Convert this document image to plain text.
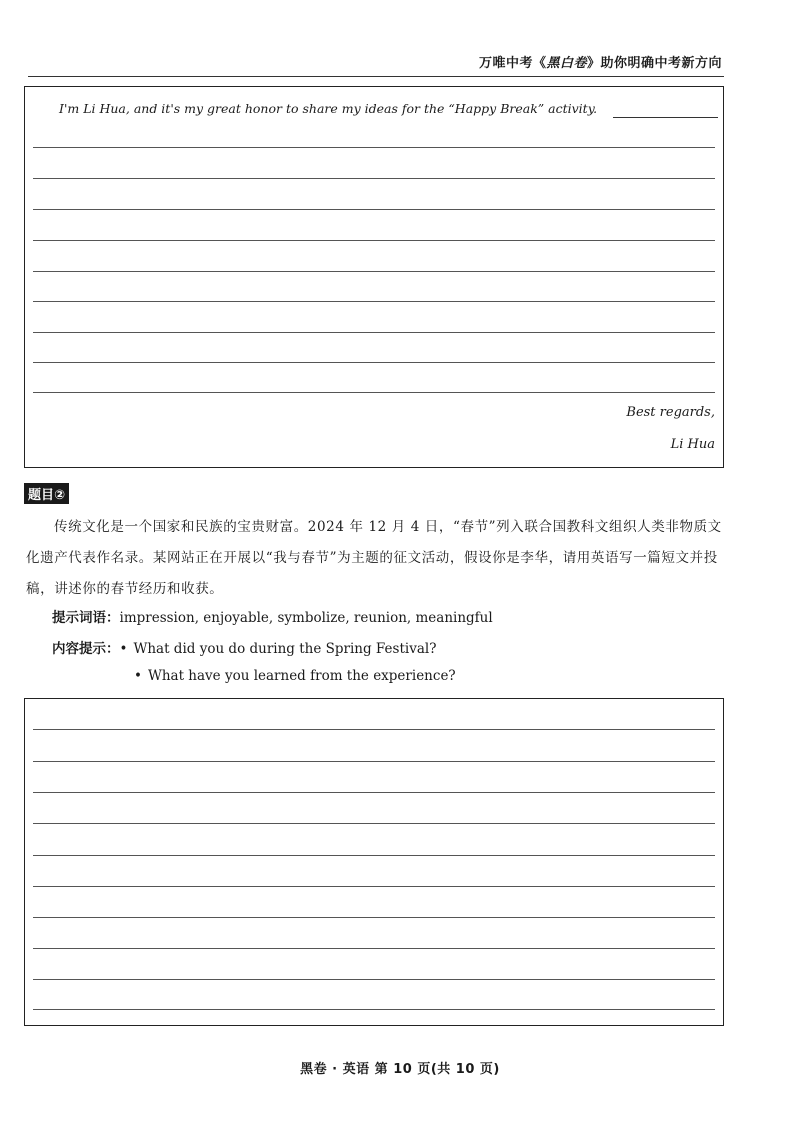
万唯中考《黑白卷》助你明确中考新方向
I'm Li Hua, and it's my great honor to share my ideas for the “Happy Break” activity.
Best regards,
Li Hua
题目②
传统文化是一个国家和民族的宝贵财富。2024 年 12 月 4 日，“春节”列入联合国教科文组织人类非物质文化遗产代表作名录。某网站正在开展以“我与春节”为主题的征文活动，假设你是李华，请用英语写一篇短文并投稿，讲述你的春节经历和收获。
提示词语：impression, enjoyable, symbolize, reunion, meaningful
内容提示：• What did you do during the Spring Festival?
• What have you learned from the experience?
黑卷 · 英语 第 10 页(共 10 页)
